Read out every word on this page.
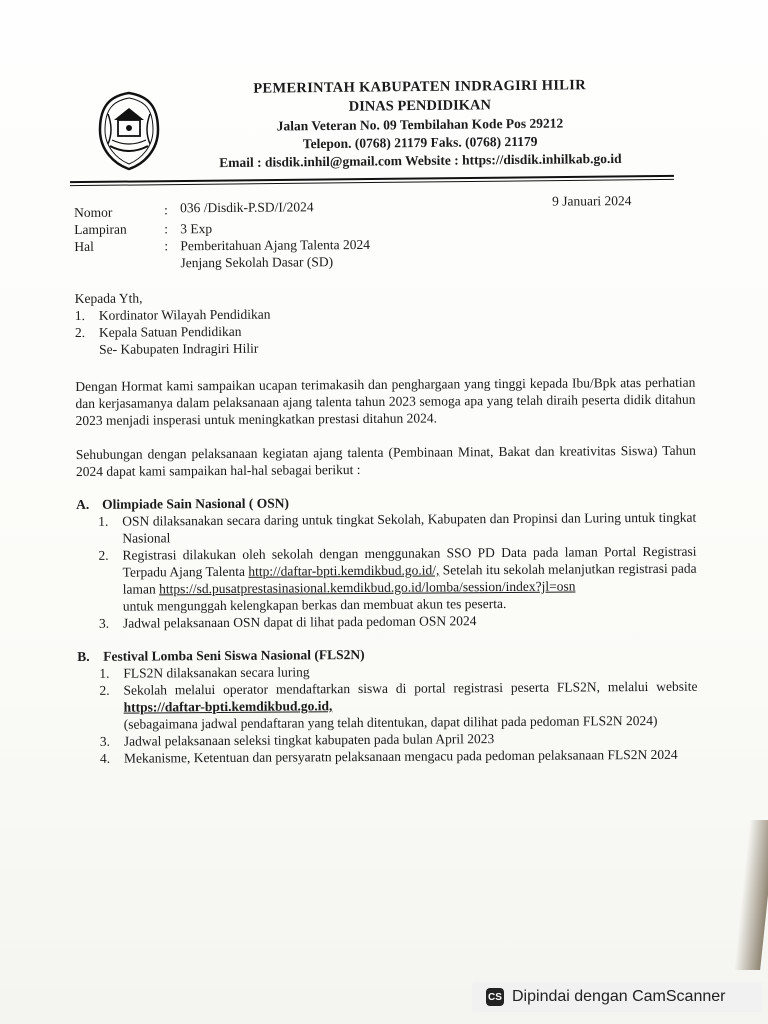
PEMERINTAH KABUPATEN INDRAGIRI HILIR
DINAS PENDIDIKAN
Jalan Veteran No. 09 Tembilahan Kode Pos 29212
Telepon. (0768) 21179 Faks. (0768) 21179
Email : disdik.inhil@gmail.com Website : https://disdik.inhilkab.go.id
9 Januari 2024
Nomor	: 036 /Disdik-P.SD/I/2024
Lampiran	: 3 Exp
Hal	: Pemberitahuan Ajang Talenta 2024
Jenjang Sekolah Dasar (SD)
Kepada Yth,
1.	Kordinator Wilayah Pendidikan
2.	Kepala Satuan Pendidikan
Se- Kabupaten Indragiri Hilir

Dengan Hormat kami sampaikan ucapan terimakasih dan penghargaan yang tinggi kepada Ibu/Bpk atas perhatian dan kerjasamanya dalam pelaksanaan ajang talenta tahun 2023 semoga apa yang telah diraih peserta didik ditahun 2023 menjadi insperasi untuk meningkatkan prestasi ditahun 2024.

Sehubungan dengan pelaksanaan kegiatan ajang talenta (Pembinaan Minat, Bakat dan kreativitas Siswa) Tahun 2024 dapat kami sampaikan hal-hal sebagai berikut :

A. Olimpiade Sain Nasional ( OSN)
1.	OSN dilaksanakan secara daring untuk tingkat Sekolah, Kabupaten dan Propinsi dan Luring untuk tingkat Nasional
2.	Registrasi dilakukan oleh sekolah dengan menggunakan SSO PD Data pada laman Portal Registrasi Terpadu Ajang Talenta http://daftar-bpti.kemdikbud.go.id/, Setelah itu sekolah melanjutkan registrasi pada laman https://sd.pusatprestasinasional.kemdikbud.go.id/lomba/session/index?jl=osn
untuk mengunggah kelengkapan berkas dan membuat akun tes peserta.
3.	Jadwal pelaksanaan OSN dapat di lihat pada pedoman OSN 2024
B.	Festival Lomba Seni Siswa Nasional (FLS2N)
1.	FLS2N dilaksanakan secara luring
2.	Sekolah melalui operator mendaftarkan siswa di portal registrasi peserta FLS2N, melalui website https://daftar-bpti.kemdikbud.go.id,
(sebagaimana jadwal pendaftaran yang telah ditentukan, dapat dilihat pada pedoman FLS2N 2024)
3.	Jadwal pelaksanaan seleksi tingkat kabupaten pada bulan April 2023
4.	Mekanisme, Ketentuan dan persyaratn pelaksanaan mengacu pada pedoman pelaksanaan FLS2N 2024
CS Dipindai dengan CamScanner
